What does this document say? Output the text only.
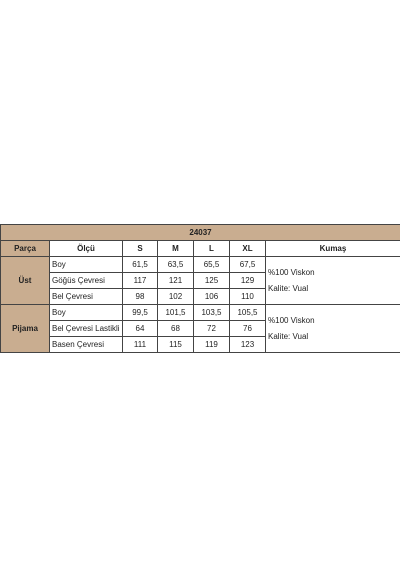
24037						
Parça	Ölçü	S	M	L	XL	Kumaş
Üst	Boy	61,5	63,5	65,5	67,5	%100 Viskon
Kalite: Vual

	Göğüs Çevresi	117	121	125	129	
	Bel Çevresi	98	102	106	110	
Pijama	Boy	99,5	101,5	103,5	105,5	%100 Viskon
Kalite: Vual

	Bel Çevresi Lastikli	64	68	72	76	
	Basen Çevresi	111	115	119	123	
